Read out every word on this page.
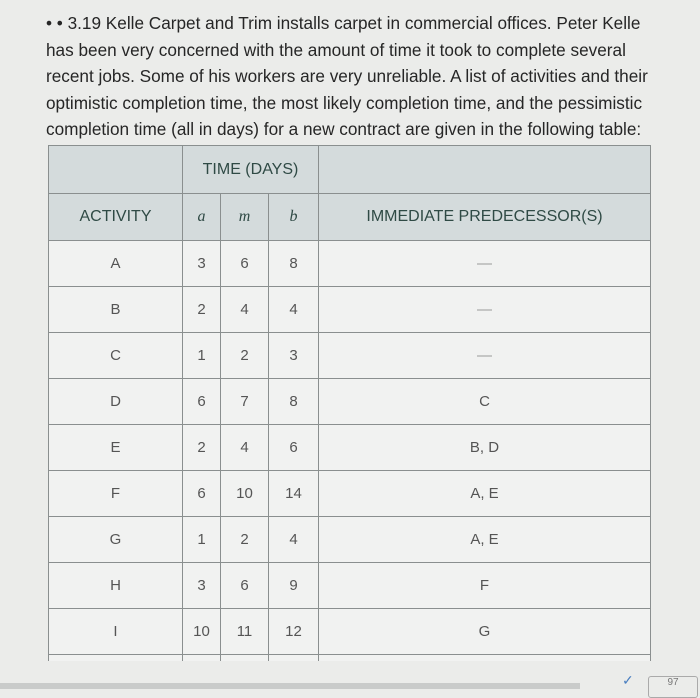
• • 3.19 Kelle Carpet and Trim installs carpet in commercial offices. Peter Kelle has been very concerned with the amount of time it took to complete several recent jobs. Some of his workers are very unreliable. A list of activities and their optimistic completion time, the most likely completion time, and the pessimistic completion time (all in days) for a new contract are given in the following table:
	TIME (DAYS)			
ACTIVITY	a	m	b	IMMEDIATE PREDECESSOR(S)
A	3	6	8	—
B	2	4	4	—
C	1	2	3	—
D	6	7	8	C
E	2	4	6	B, D
F	6	10	14	A, E
G	1	2	4	A, E
H	3	6	9	F
I	10	11	12	G

✓	97
